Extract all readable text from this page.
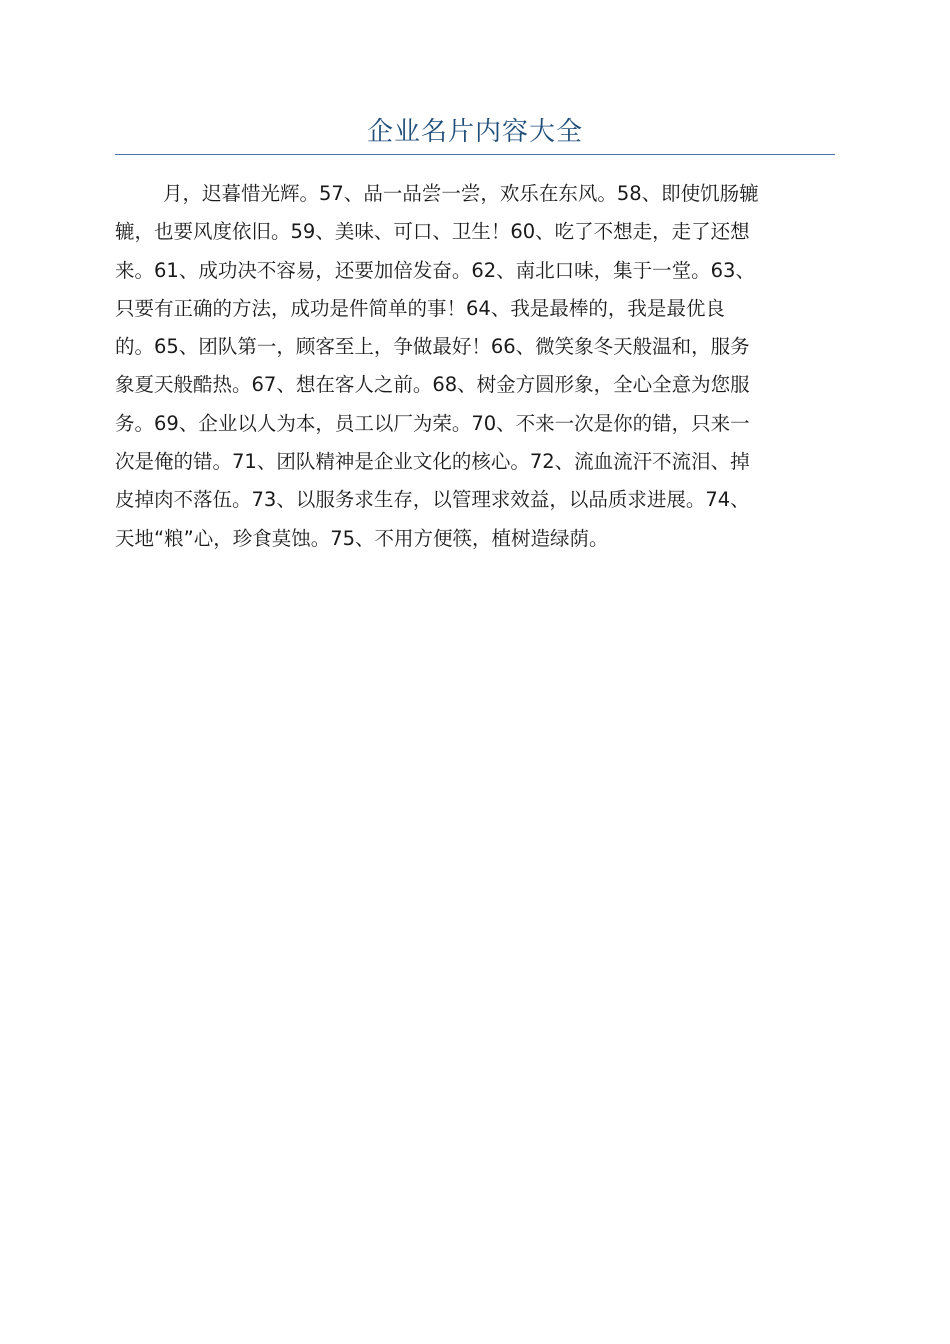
企业名片内容大全
月，迟暮惜光辉。57、品一品尝一尝，欢乐在东风。58、即使饥肠辘
辘，也要风度依旧。59、美味、可口、卫生！60、吃了不想走，走了还想
来。61、成功决不容易，还要加倍发奋。62、南北口味，集于一堂。63、
只要有正确的方法，成功是件简单的事！64、我是最棒的，我是最优良
的。65、团队第一，顾客至上，争做最好！66、微笑象冬天般温和，服务
象夏天般酷热。67、想在客人之前。68、树金方圆形象，全心全意为您服
务。69、企业以人为本，员工以厂为荣。70、不来一次是你的错，只来一
次是俺的错。71、团队精神是企业文化的核心。72、流血流汗不流泪、掉
皮掉肉不落伍。73、以服务求生存，以管理求效益，以品质求进展。74、
天地“粮”心，珍食莫蚀。75、不用方便筷，植树造绿荫。
